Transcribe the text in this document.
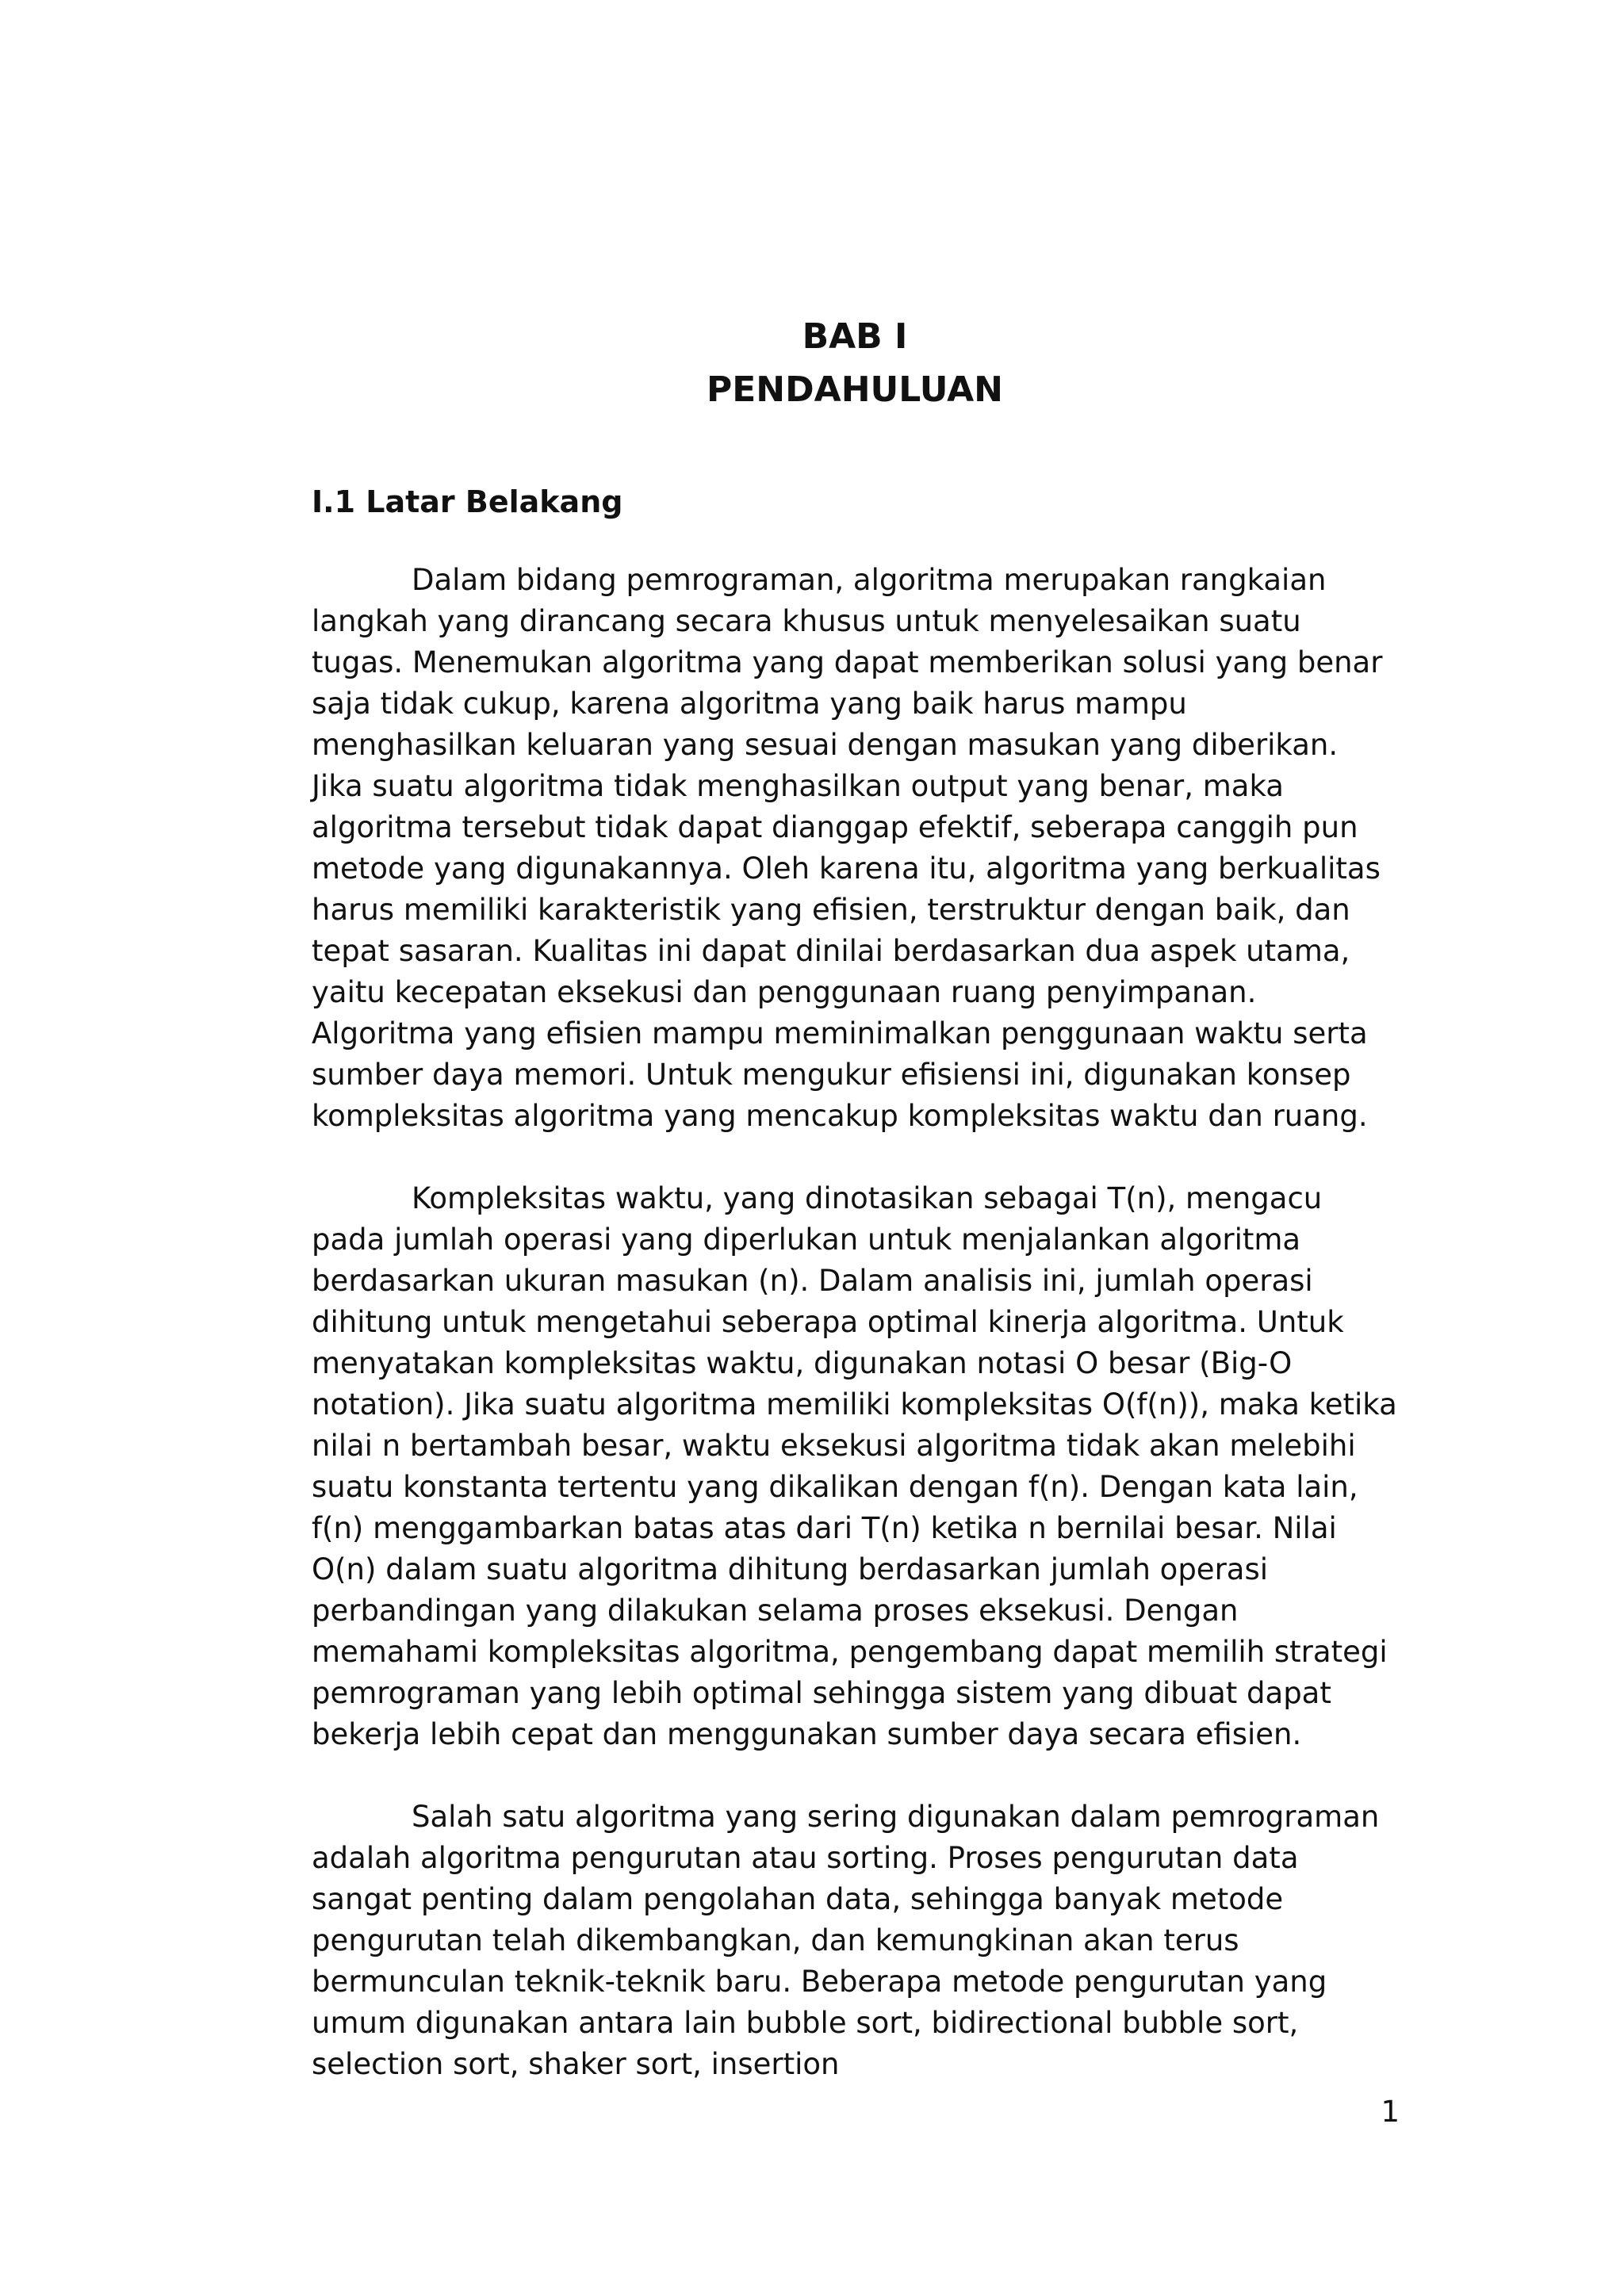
BAB I
PENDAHULUAN
I.1 Latar Belakang

Dalam bidang pemrograman, algoritma merupakan rangkaian langkah yang dirancang secara khusus untuk menyelesaikan suatu tugas. Menemukan algoritma yang dapat memberikan solusi yang benar saja tidak cukup, karena algoritma yang baik harus mampu menghasilkan keluaran yang sesuai dengan masukan yang diberikan. Jika suatu algoritma tidak menghasilkan output yang benar, maka algoritma tersebut tidak dapat dianggap efektif, seberapa canggih pun metode yang digunakannya. Oleh karena itu, algoritma yang berkualitas harus memiliki karakteristik yang efisien, terstruktur dengan baik, dan tepat sasaran. Kualitas ini dapat dinilai berdasarkan dua aspek utama, yaitu kecepatan eksekusi dan penggunaan ruang penyimpanan. Algoritma yang efisien mampu meminimalkan penggunaan waktu serta sumber daya memori. Untuk mengukur efisiensi ini, digunakan konsep kompleksitas algoritma yang mencakup kompleksitas waktu dan ruang.

Kompleksitas waktu, yang dinotasikan sebagai T(n), mengacu pada jumlah operasi yang diperlukan untuk menjalankan algoritma berdasarkan ukuran masukan (n). Dalam analisis ini, jumlah operasi dihitung untuk mengetahui seberapa optimal kinerja algoritma. Untuk menyatakan kompleksitas waktu, digunakan notasi O besar (Big-O notation). Jika suatu algoritma memiliki kompleksitas O(f(n)), maka ketika nilai n bertambah besar, waktu eksekusi algoritma tidak akan melebihi suatu konstanta tertentu yang dikalikan dengan f(n). Dengan kata lain, f(n) menggambarkan batas atas dari T(n) ketika n bernilai besar. Nilai O(n) dalam suatu algoritma dihitung berdasarkan jumlah operasi perbandingan yang dilakukan selama proses eksekusi. Dengan memahami kompleksitas algoritma, pengembang dapat memilih strategi pemrograman yang lebih optimal sehingga sistem yang dibuat dapat bekerja lebih cepat dan menggunakan sumber daya secara efisien.

Salah satu algoritma yang sering digunakan dalam pemrograman adalah algoritma pengurutan atau sorting. Proses pengurutan data sangat penting dalam pengolahan data, sehingga banyak metode pengurutan telah dikembangkan, dan kemungkinan akan terus bermunculan teknik-teknik baru. Beberapa metode pengurutan yang umum digunakan antara lain bubble sort, bidirectional bubble sort, selection sort, shaker sort, insertion

1
